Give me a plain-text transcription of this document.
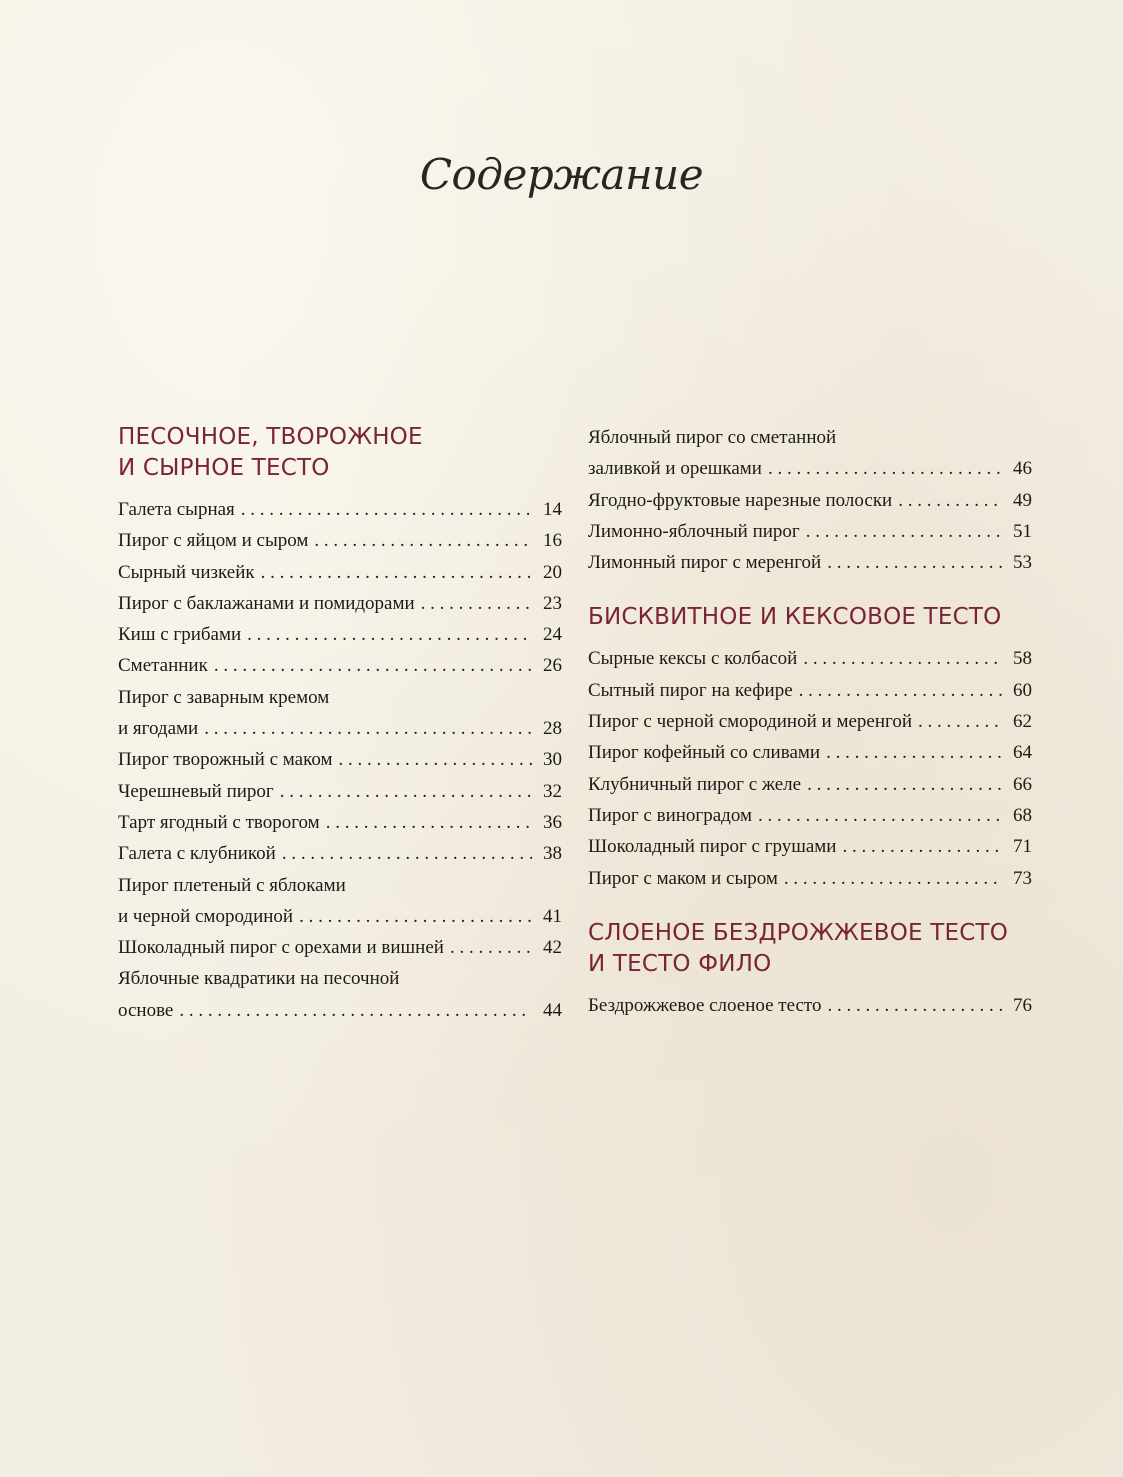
Содержание
ПЕСОЧНОЕ, ТВОРОЖНОЕ
И СЫРНОЕ ТЕСТО
Галета сырная . . .	14
Пирог с яйцом и сыром . . .	16
Сырный чизкейк . . .	20
Пирог с баклажанами и помидорами . . .	23
Киш с грибами . . .	24
Сметанник . . .	26
Пирог с заварным кремом
и ягодами . . .	28
Пирог творожный с маком . . .	30
Черешневый пирог . . .	32
Тарт ягодный с творогом . . .	36
Галета с клубникой . . .	38
Пирог плетеный с яблоками
и черной смородиной . . .	41
Шоколадный пирог с орехами и вишней . . .	42
Яблочные квадратики на песочной
основе . . .	44
Яблочный пирог со сметанной
заливкой и орешками . . .	46
Ягодно-фруктовые нарезные полоски . . .	49
Лимонно-яблочный пирог . . .	51
Лимонный пирог с меренгой . . .	53
БИСКВИТНОЕ И КЕКСОВОЕ ТЕСТО
Сырные кексы с колбасой . . .	58
Сытный пирог на кефире . . .	60
Пирог с черной смородиной и меренгой . . .	62
Пирог кофейный со сливами . . .	64
Клубничный пирог с желе . . .	66
Пирог с виноградом . . .	68
Шоколадный пирог с грушами . . .	71
Пирог с маком и сыром . . .	73
СЛОЕНОЕ БЕЗДРОЖЖЕВОЕ ТЕСТО
И ТЕСТО ФИЛО
Бездрожжевое слоеное тесто . . .	76
